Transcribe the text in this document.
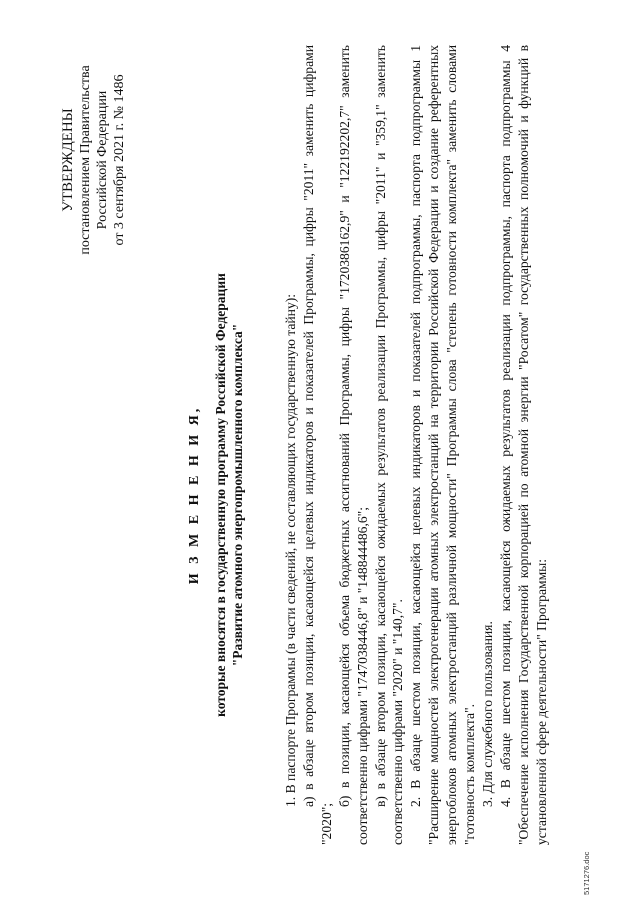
УТВЕРЖДЕНЫ постановлением Правительства Российской Федерации от 3 сентября 2021 г. № 1486
И З М Е Н Е Н И Я, которые вносятся в государственную программу Российской Федерации "Развитие атомного энергопромышленного комплекса"	1. В паспорте Программы (в части сведений, не составляющих государственную тайну): а) в абзаце втором позиции, касающейся целевых индикаторов и показателей Программы, цифры "2011" заменить цифрами "2020";

б) в позиции, касающейся объема бюджетных ассигнований Программы, цифры "1720386162,9" и "122192202,7" заменить соответственно цифрами "1747038446,8" и "148844486,6"; в) в абзаце втором позиции, касающейся ожидаемых результатов реализации Программы, цифры "2011" и "359,1" заменить соответственно цифрами "2020" и "140,7". 2. В абзаце шестом позиции, касающейся целевых индикаторов и показателей подпрограммы, паспорта подпрограммы 1 "Расширение мощностей электрогенерации атомных электростанций на территории Российской Федерации и создание референтных энергоблоков атомных электростанций различной мощности" Программы слова "степень готовности комплекта" заменить словами "готовность комплекта". 3. Для служебного пользования. 4. В абзаце шестом позиции, касающейся ожидаемых результатов реализации подпрограммы, паспорта подпрограммы 4 "Обеспечение исполнения Государственной корпорацией по атомной энергии "Росатом" государственных полномочий и функций в установленной сфере деятельности" Программы:

5171276.doc
